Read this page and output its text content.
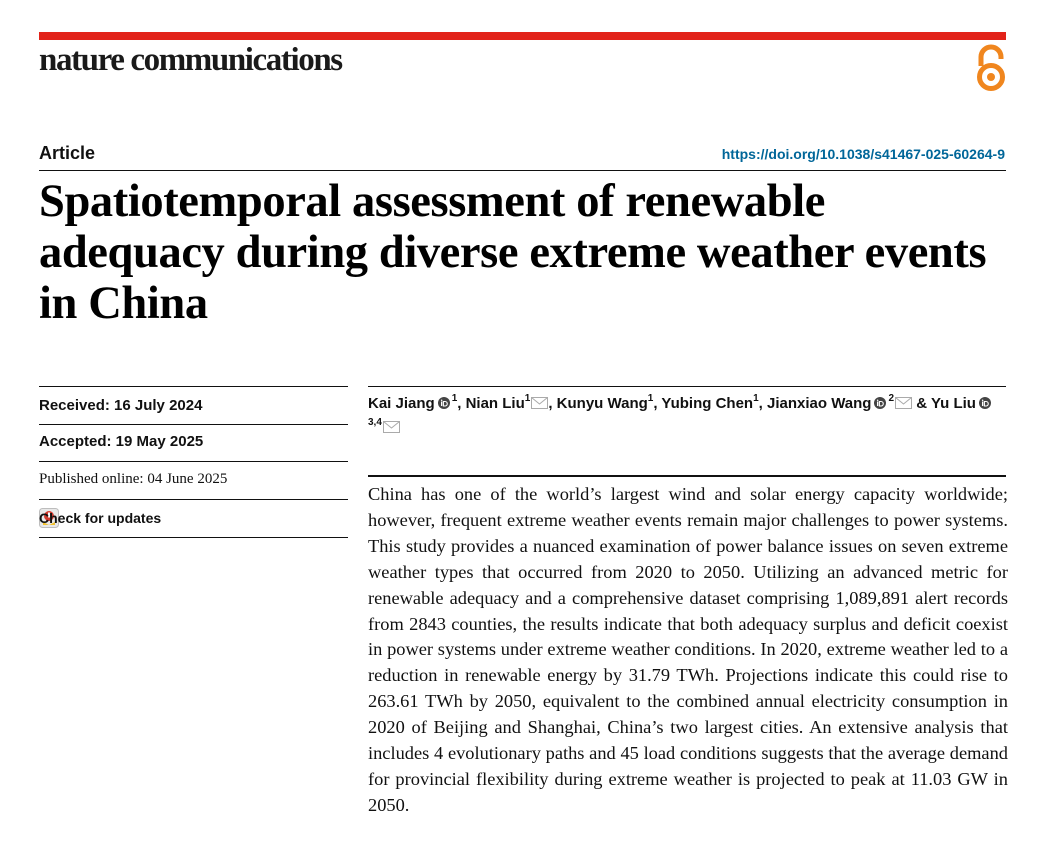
nature communications
Article	https://doi.org/10.1038/s41467-025-60264-9
Spatiotemporal assessment of renewable adequacy during diverse extreme weather events in China
Received: 16 July 2024
Accepted: 19 May 2025
Published online: 04 June 2025
Check for updates
Kai Jiang $^1$, Nian Liu$^1$ , Kunyu Wang$^1$, Yubing Chen$^1$, Jianxiao Wang $^2$ & Yu Liu$^{3,4}$

China has one of the world’s largest wind and solar energy capacity worldwide; however, frequent extreme weather events remain major challenges to power systems. This study provides a nuanced examination of power balance issues on seven extreme weather types that occurred from 2020 to 2050. Utilizing an advanced metric for renewable adequacy and a comprehensive dataset comprising 1,089,891 alert records from 2843 counties, the results indicate that both adequacy surplus and deficit coexist in power systems under extreme weather conditions. In 2020, extreme weather led to a reduction in renewable energy by 31.79 TWh. Projections indicate this could rise to 263.61 TWh by 2050, equivalent to the combined annual electricity consumption in 2020 of Beijing and Shanghai, China’s two largest cities. An extensive analysis that includes 4 evolutionary paths and 45 load conditions suggests that the average demand for provincial flexibility during extreme weather is projected to peak at 11.03 GW in 2050.
